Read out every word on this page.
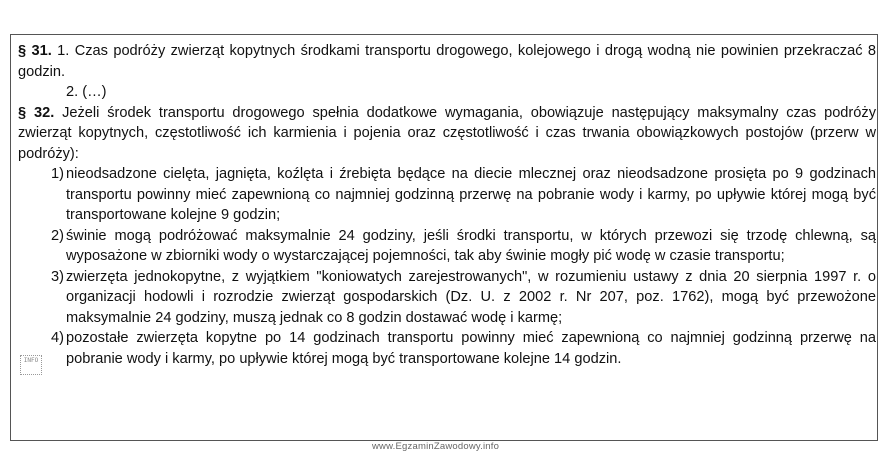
§ 31. 1. Czas podróży zwierząt kopytnych środkami transportu drogowego, kolejowego i drogą wodną nie powinien przekraczać 8 godzin.

2. (…)

§ 32. Jeżeli środek transportu drogowego spełnia dodatkowe wymagania, obowiązuje następujący maksymalny czas podróży zwierząt kopytnych, częstotliwość ich karmienia i pojenia oraz częstotliwość i czas trwania obowiązkowych postojów (przerw w podróży):

1) nieodsadzone cielęta, jagnięta, koźlęta i źrebięta będące na diecie mlecznej oraz nieodsadzone prosięta po 9 godzinach transportu powinny mieć zapewnioną co najmniej godzinną przerwę na pobranie wody i karmy, po upływie której mogą być transportowane kolejne 9 godzin;
2) świnie mogą podróżować maksymalnie 24 godziny, jeśli środki transportu, w których przewozi się trzodę chlewną, są wyposażone w zbiorniki wody o wystarczającej pojemności, tak aby świnie mogły pić wodę w czasie transportu;
3) zwierzęta jednokopytne, z wyjątkiem "koniowatych zarejestrowanych", w rozumieniu ustawy z dnia 20 sierpnia 1997 r. o organizacji hodowli i rozrodzie zwierząt gospodarskich (Dz. U. z 2002 r. Nr 207, poz. 1762), mogą być przewożone maksymalnie 24 godziny, muszą jednak co 8 godzin dostawać wodę i karmę;
4) pozostałe zwierzęta kopytne po 14 godzinach transportu powinny mieć zapewnioną co najmniej godzinną przerwę na pobranie wody i karmy, po upływie której mogą być transportowane kolejne 14 godzin.
INFO
www.EgzaminZawodowy.info
